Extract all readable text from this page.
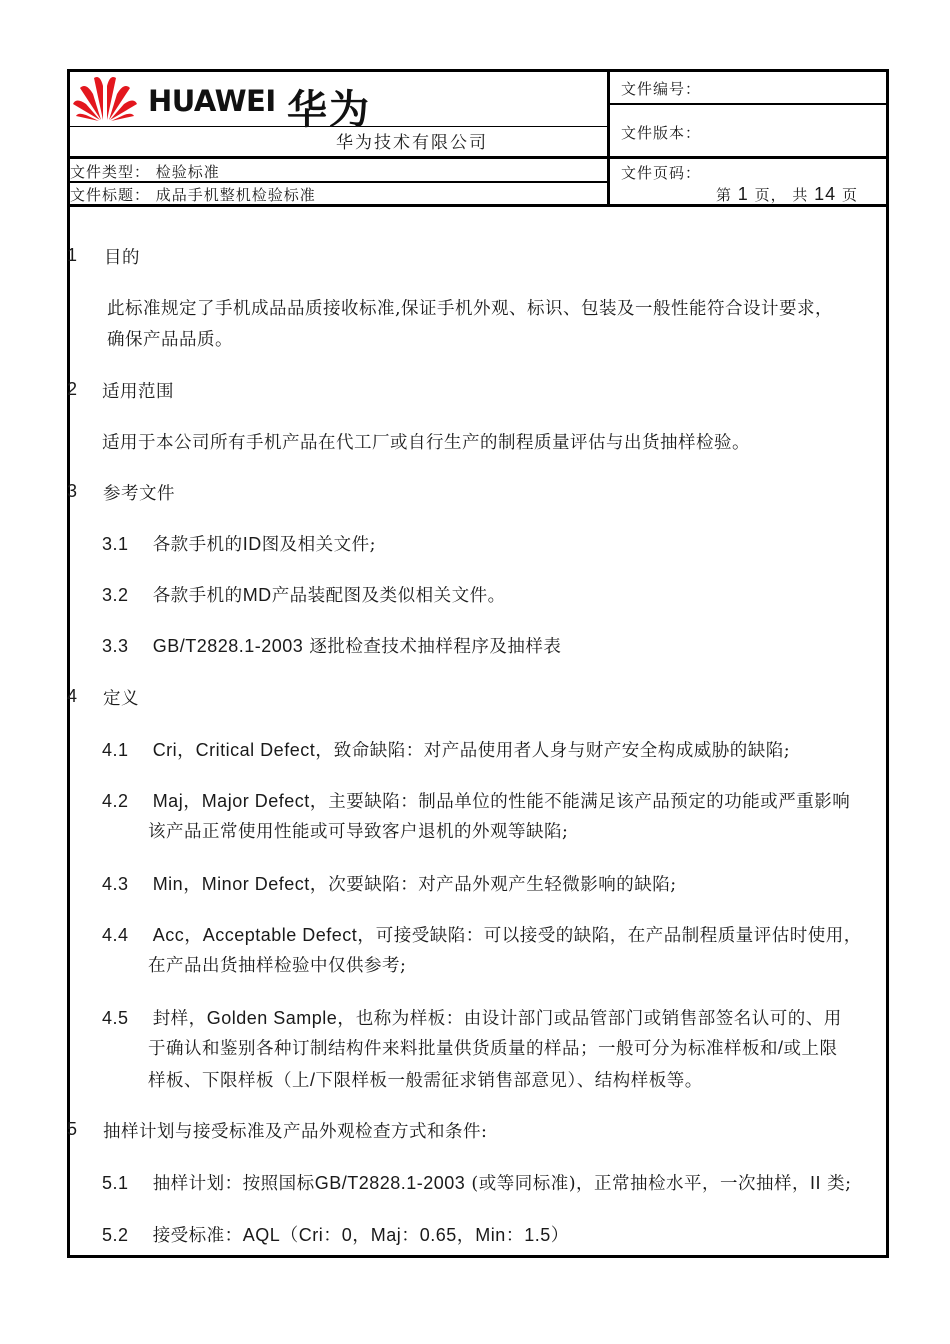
HUAWEI 华为
华为技术有限公司
文件编号：
文件版本：
文件类型： 检验标准
文件标题： 成品手机整机检验标准
文件页码：
第 1 页， 共 14 页
1 目的
此标准规定了手机成品品质接收标准,保证手机外观、标识、包装及一般性能符合设计要求，
确保产品品质。
2 适用范围
适用于本公司所有手机产品在代工厂或自行生产的制程质量评估与出货抽样检验。
3 参考文件
3.1 各款手机的ID图及相关文件;
3.2 各款手机的MD产品装配图及类似相关文件。
3.3 GB/T2828.1-2003 逐批检查技术抽样程序及抽样表
4 定义
4.1 Cri，Critical Defect，致命缺陷：对产品使用者人身与财产安全构成威胁的缺陷;
4.2 Maj，Major Defect，主要缺陷：制品单位的性能不能满足该产品预定的功能或严重影响
该产品正常使用性能或可导致客户退机的外观等缺陷;
4.3 Min，Minor Defect，次要缺陷：对产品外观产生轻微影响的缺陷;
4.4 Acc，Acceptable Defect，可接受缺陷：可以接受的缺陷，在产品制程质量评估时使用，
在产品出货抽样检验中仅供参考;
4.5 封样，Golden Sample，也称为样板：由设计部门或品管部门或销售部签名认可的、用
于确认和鉴别各种订制结构件来料批量供货质量的样品；一般可分为标准样板和/或上限
样板、下限样板（上/下限样板一般需征求销售部意见）、结构样板等。
5 抽样计划与接受标准及产品外观检查方式和条件:
5.1 抽样计划：按照国标GB/T2828.1-2003 (或等同标准)，正常抽检水平，一次抽样，II 类;
5.2 接受标准：AQL（Cri：0，Maj：0.65，Min：1.5）
